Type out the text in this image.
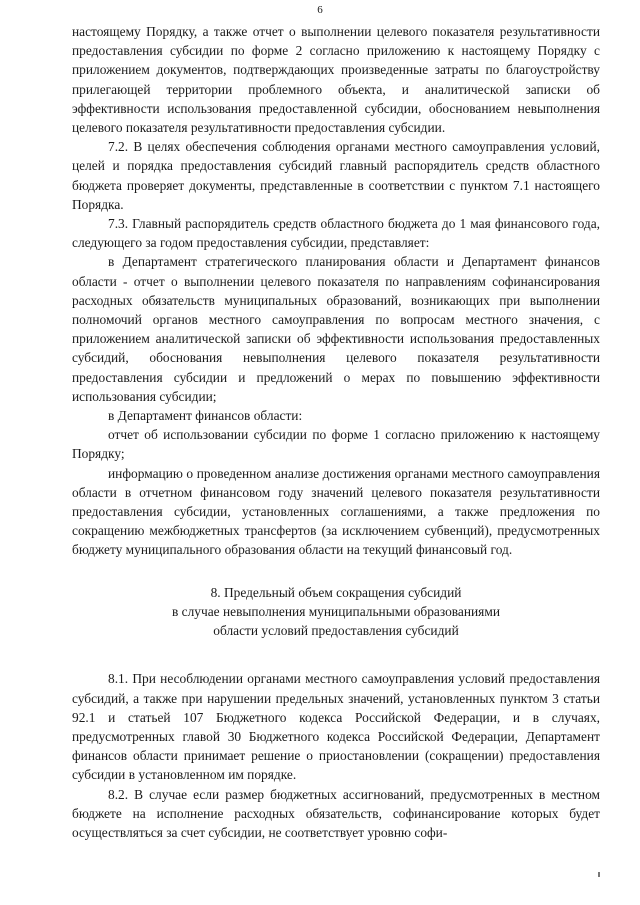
6

настоящему Порядку, а также отчет о выполнении целевого показателя результативности предоставления субсидии по форме 2 согласно приложению к настоящему Порядку с приложением документов, подтверждающих произведенные затраты по благоустройству прилегающей территории проблемного объекта, и аналитической записки об эффективности использования предоставленной субсидии, обоснованием невыполнения целевого показателя результативности предоставления субсидии.

7.2. В целях обеспечения соблюдения органами местного самоуправления условий, целей и порядка предоставления субсидий главный распорядитель средств областного бюджета проверяет документы, представленные в соответствии с пунктом 7.1 настоящего Порядка.

7.3. Главный распорядитель средств областного бюджета до 1 мая финансового года, следующего за годом предоставления субсидии, представляет:

в Департамент стратегического планирования области и Департамент финансов области - отчет о выполнении целевого показателя по направлениям софинансирования расходных обязательств муниципальных образований, возникающих при выполнении полномочий органов местного самоуправления по вопросам местного значения, с приложением аналитической записки об эффективности использования предоставленных субсидий, обоснования невыполнения целевого показателя результативности предоставления субсидии и предложений о мерах по повышению эффективности использования субсидии;

в Департамент финансов области:

отчет об использовании субсидии по форме 1 согласно приложению к настоящему Порядку;

информацию о проведенном анализе достижения органами местного самоуправления области в отчетном финансовом году значений целевого показателя результативности предоставления субсидии, установленных соглашениями, а также предложения по сокращению межбюджетных трансфертов (за исключением субвенций), предусмотренных бюджету муниципального образования области на текущий финансовый год.

8. Предельный объем сокращения субсидий
в случае невыполнения муниципальными образованиями
области условий предоставления субсидий

8.1. При несоблюдении органами местного самоуправления условий предоставления субсидий, а также при нарушении предельных значений, установленных пунктом 3 статьи 92.1 и статьей 107 Бюджетного кодекса Российской Федерации, и в случаях, предусмотренных главой 30 Бюджетного кодекса Российской Федерации, Департамент финансов области принимает решение о приостановлении (сокращении) предоставления субсидии в установленном им порядке.

8.2. В случае если размер бюджетных ассигнований, предусмотренных в местном бюджете на исполнение расходных обязательств, софинансирование которых будет осуществляться за счет субсидии, не соответствует уровню софи-
